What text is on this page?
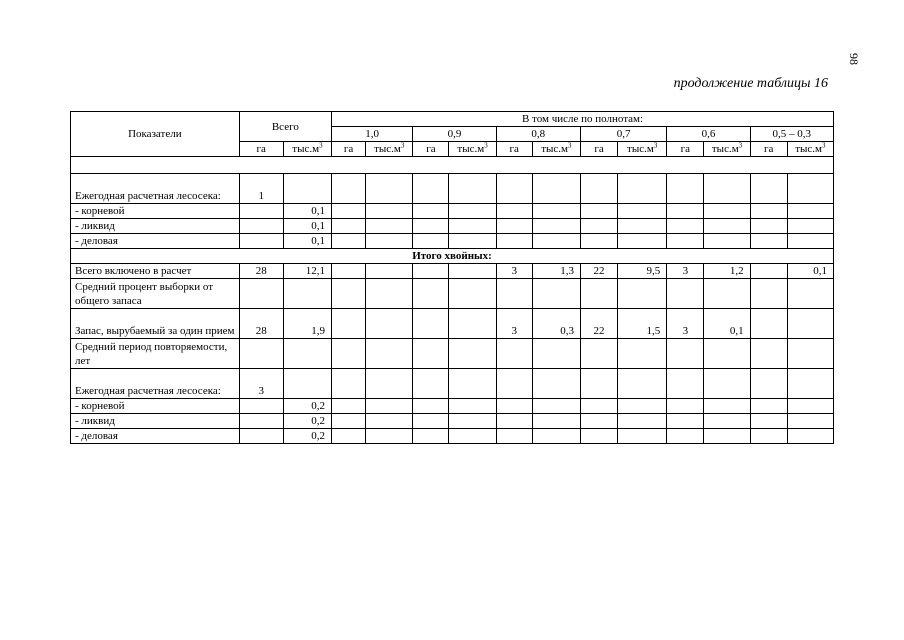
98
продолжение таблицы 16
Показатели	Всего		В том числе по полнотам:											
			1,0		0,9		0,8		0,7		0,6		0,5 – 0,3	
	га	$тыс.м^3$	га	$тыс.м^3$	га	$тыс.м^3$	га	$тыс.м^3$	га	$тыс.м^3$	га	$тыс.м^3$	га	$тыс.м^3$

Ежегодная расчетная лесосека:	1													
- корневой		0,1												
- ликвид		0,1												
- деловая		0,1												
Итого хвойных:														
Всего включено в расчет	28	12,1					3	1,3	22	9,5	3	1,2		0,1
Средний процент выборки от общего запаса														
Запас, вырубаемый за один прием	28	1,9					3	0,3	22	1,5	3	0,1		
Средний период повторяемости, лет														
Ежегодная расчетная лесосека:	3													
- корневой		0,2												
- ликвид		0,2												
- деловая		0,2												
